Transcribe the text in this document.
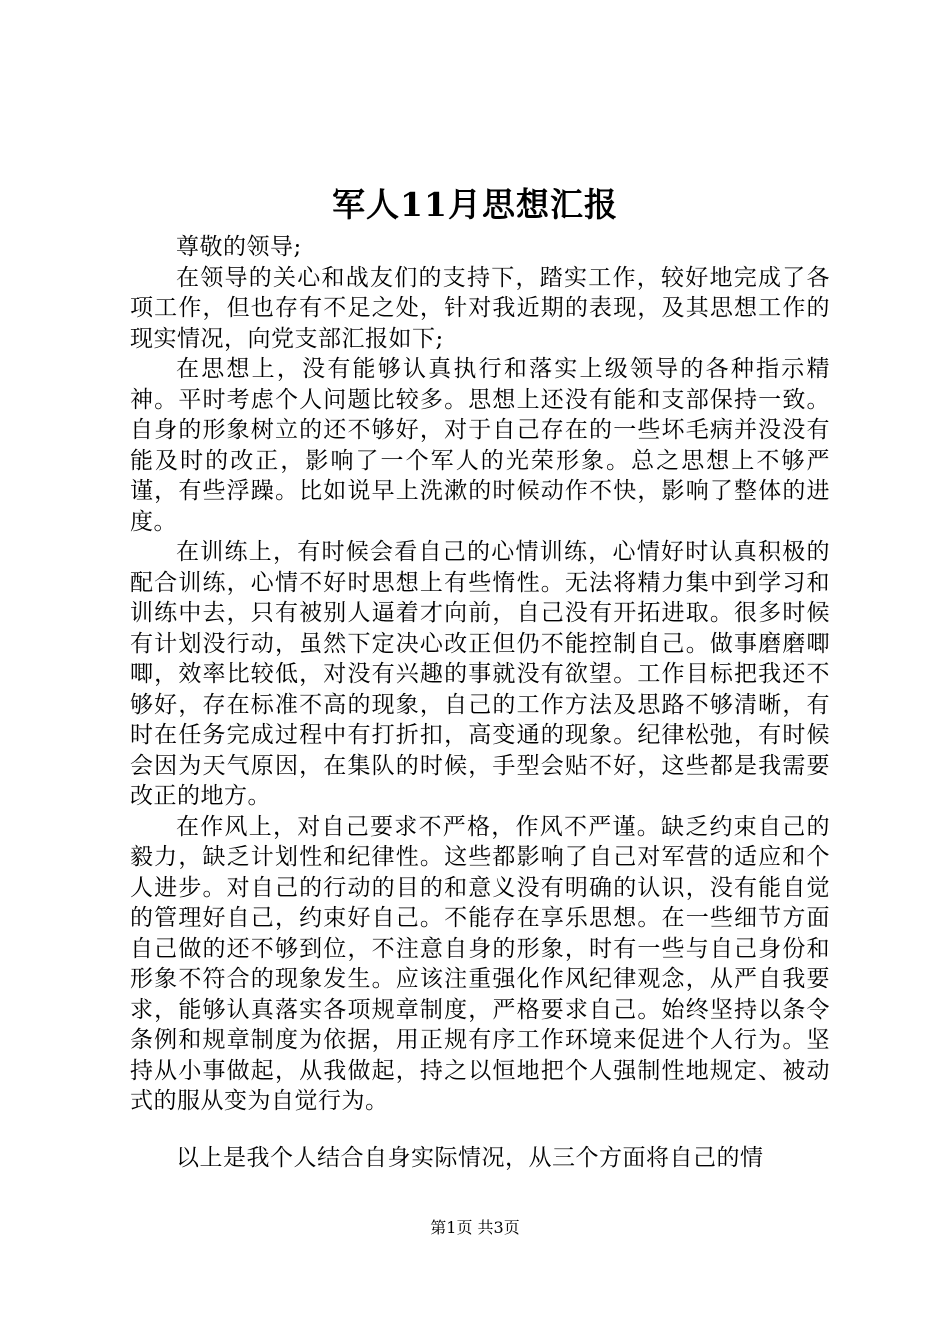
军人11月思想汇报

尊敬的领导;

在领导的关心和战友们的支持下，踏实工作，较好地完成了各项工作，但也存有不足之处，针对我近期的表现，及其思想工作的现实情况，向党支部汇报如下;

在思想上，没有能够认真执行和落实上级领导的各种指示精神。平时考虑个人问题比较多。思想上还没有能和支部保持一致。自身的形象树立的还不够好，对于自己存在的一些坏毛病并没没有能及时的改正，影响了一个军人的光荣形象。总之思想上不够严谨，有些浮躁。比如说早上洗漱的时候动作不快，影响了整体的进度。

在训练上，有时候会看自己的心情训练，心情好时认真积极的配合训练，心情不好时思想上有些惰性。无法将精力集中到学习和训练中去，只有被别人逼着才向前，自己没有开拓进取。很多时候有计划没行动，虽然下定决心改正但仍不能控制自己。做事磨磨唧唧，效率比较低，对没有兴趣的事就没有欲望。工作目标把我还不够好，存在标准不高的现象，自己的工作方法及思路不够清晰，有时在任务完成过程中有打折扣，高变通的现象。纪律松弛，有时候会因为天气原因，在集队的时候，手型会贴不好，这些都是我需要改正的地方。

在作风上，对自己要求不严格，作风不严谨。缺乏约束自己的毅力，缺乏计划性和纪律性。这些都影响了自己对军营的适应和个人进步。对自己的行动的目的和意义没有明确的认识，没有能自觉的管理好自己，约束好自己。不能存在享乐思想。在一些细节方面自己做的还不够到位，不注意自身的形象，时有一些与自己身份和形象不符合的现象发生。应该注重强化作风纪律观念，从严自我要求，能够认真落实各项规章制度，严格要求自己。始终坚持以条令条例和规章制度为依据，用正规有序工作环境来促进个人行为。坚持从小事做起，从我做起，持之以恒地把个人强制性地规定、被动式的服从变为自觉行为。

以上是我个人结合自身实际情况，从三个方面将自己的情

第1页 共3页
